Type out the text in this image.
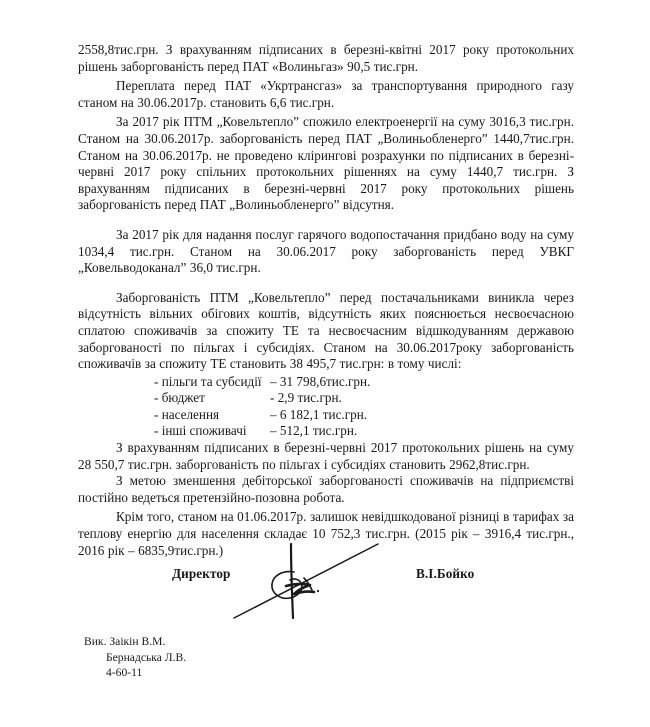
2558,8тис.грн. З врахуванням підписаних в березні-квітні 2017 року протокольних рішень заборгованість перед ПАТ «Волиньгаз» 90,5 тис.грн.

Переплата перед ПАТ «Укртрансгаз» за транспортування природного газу станом на 30.06.2017р. становить 6,6 тис.грн.

За 2017 рік ПТМ „Ковельтепло” спожило електроенергії на суму 3016,3 тис.грн. Станом на 30.06.2017р. заборгованість перед ПАТ „Волиньобленерго” 1440,7тис.грн. Станом на 30.06.2017р. не проведено клірингові розрахунки по підписаних в березні-червні 2017 року спільних протокольних рішеннях на суму 1440,7 тис.грн. З врахуванням підписаних в березні-червні 2017 року протокольних рішень заборгованість перед ПАТ „Волиньобленерго” відсутня.

За 2017 рік для надання послуг гарячого водопостачання придбано воду на суму 1034,4 тис.грн. Станом на 30.06.2017 року заборгованість перед УВКГ „Ковельводоканал” 36,0 тис.грн.

Заборгованість ПТМ „Ковельтепло” перед постачальниками виникла через відсутність вільних обігових коштів, відсутність яких пояснюється несвоєчасною сплатою споживачів за спожиту ТЕ та несвоєчасним відшкодуванням державою заборгованості по пільгах і субсидіях. Станом на 30.06.2017року заборгованість споживачів за спожиту ТЕ становить 38 495,7 тис.грн: в тому числі:

- пільги та субсидії – 31 798,6тис.грн.
- бюджет	- 2,9 тис.грн.
- населення	– 6 182,1 тис.грн.
- інші споживачі – 512,1 тис.грн.

З врахуванням підписаних в березні-червні 2017 протокольних рішень на суму 28 550,7 тис.грн. заборгованість по пільгах і субсидіях становить 2962,8тис.грн.

З метою зменшення дебіторської заборгованості споживачів на підприємстві постійно ведеться претензійно-позовна робота.

Крім того, станом на 01.06.2017р. залишок невідшкодованої різниці в тарифах за теплову енергію для населення складає 10 752,3 тис.грн. (2015 рік – 3916,4 тис.грн., 2016 рік – 6835,9тис.грн.)

Директор	В.І.Бойко
Вик. Заікін В.М.
Бернадська Л.В.
4-60-11
